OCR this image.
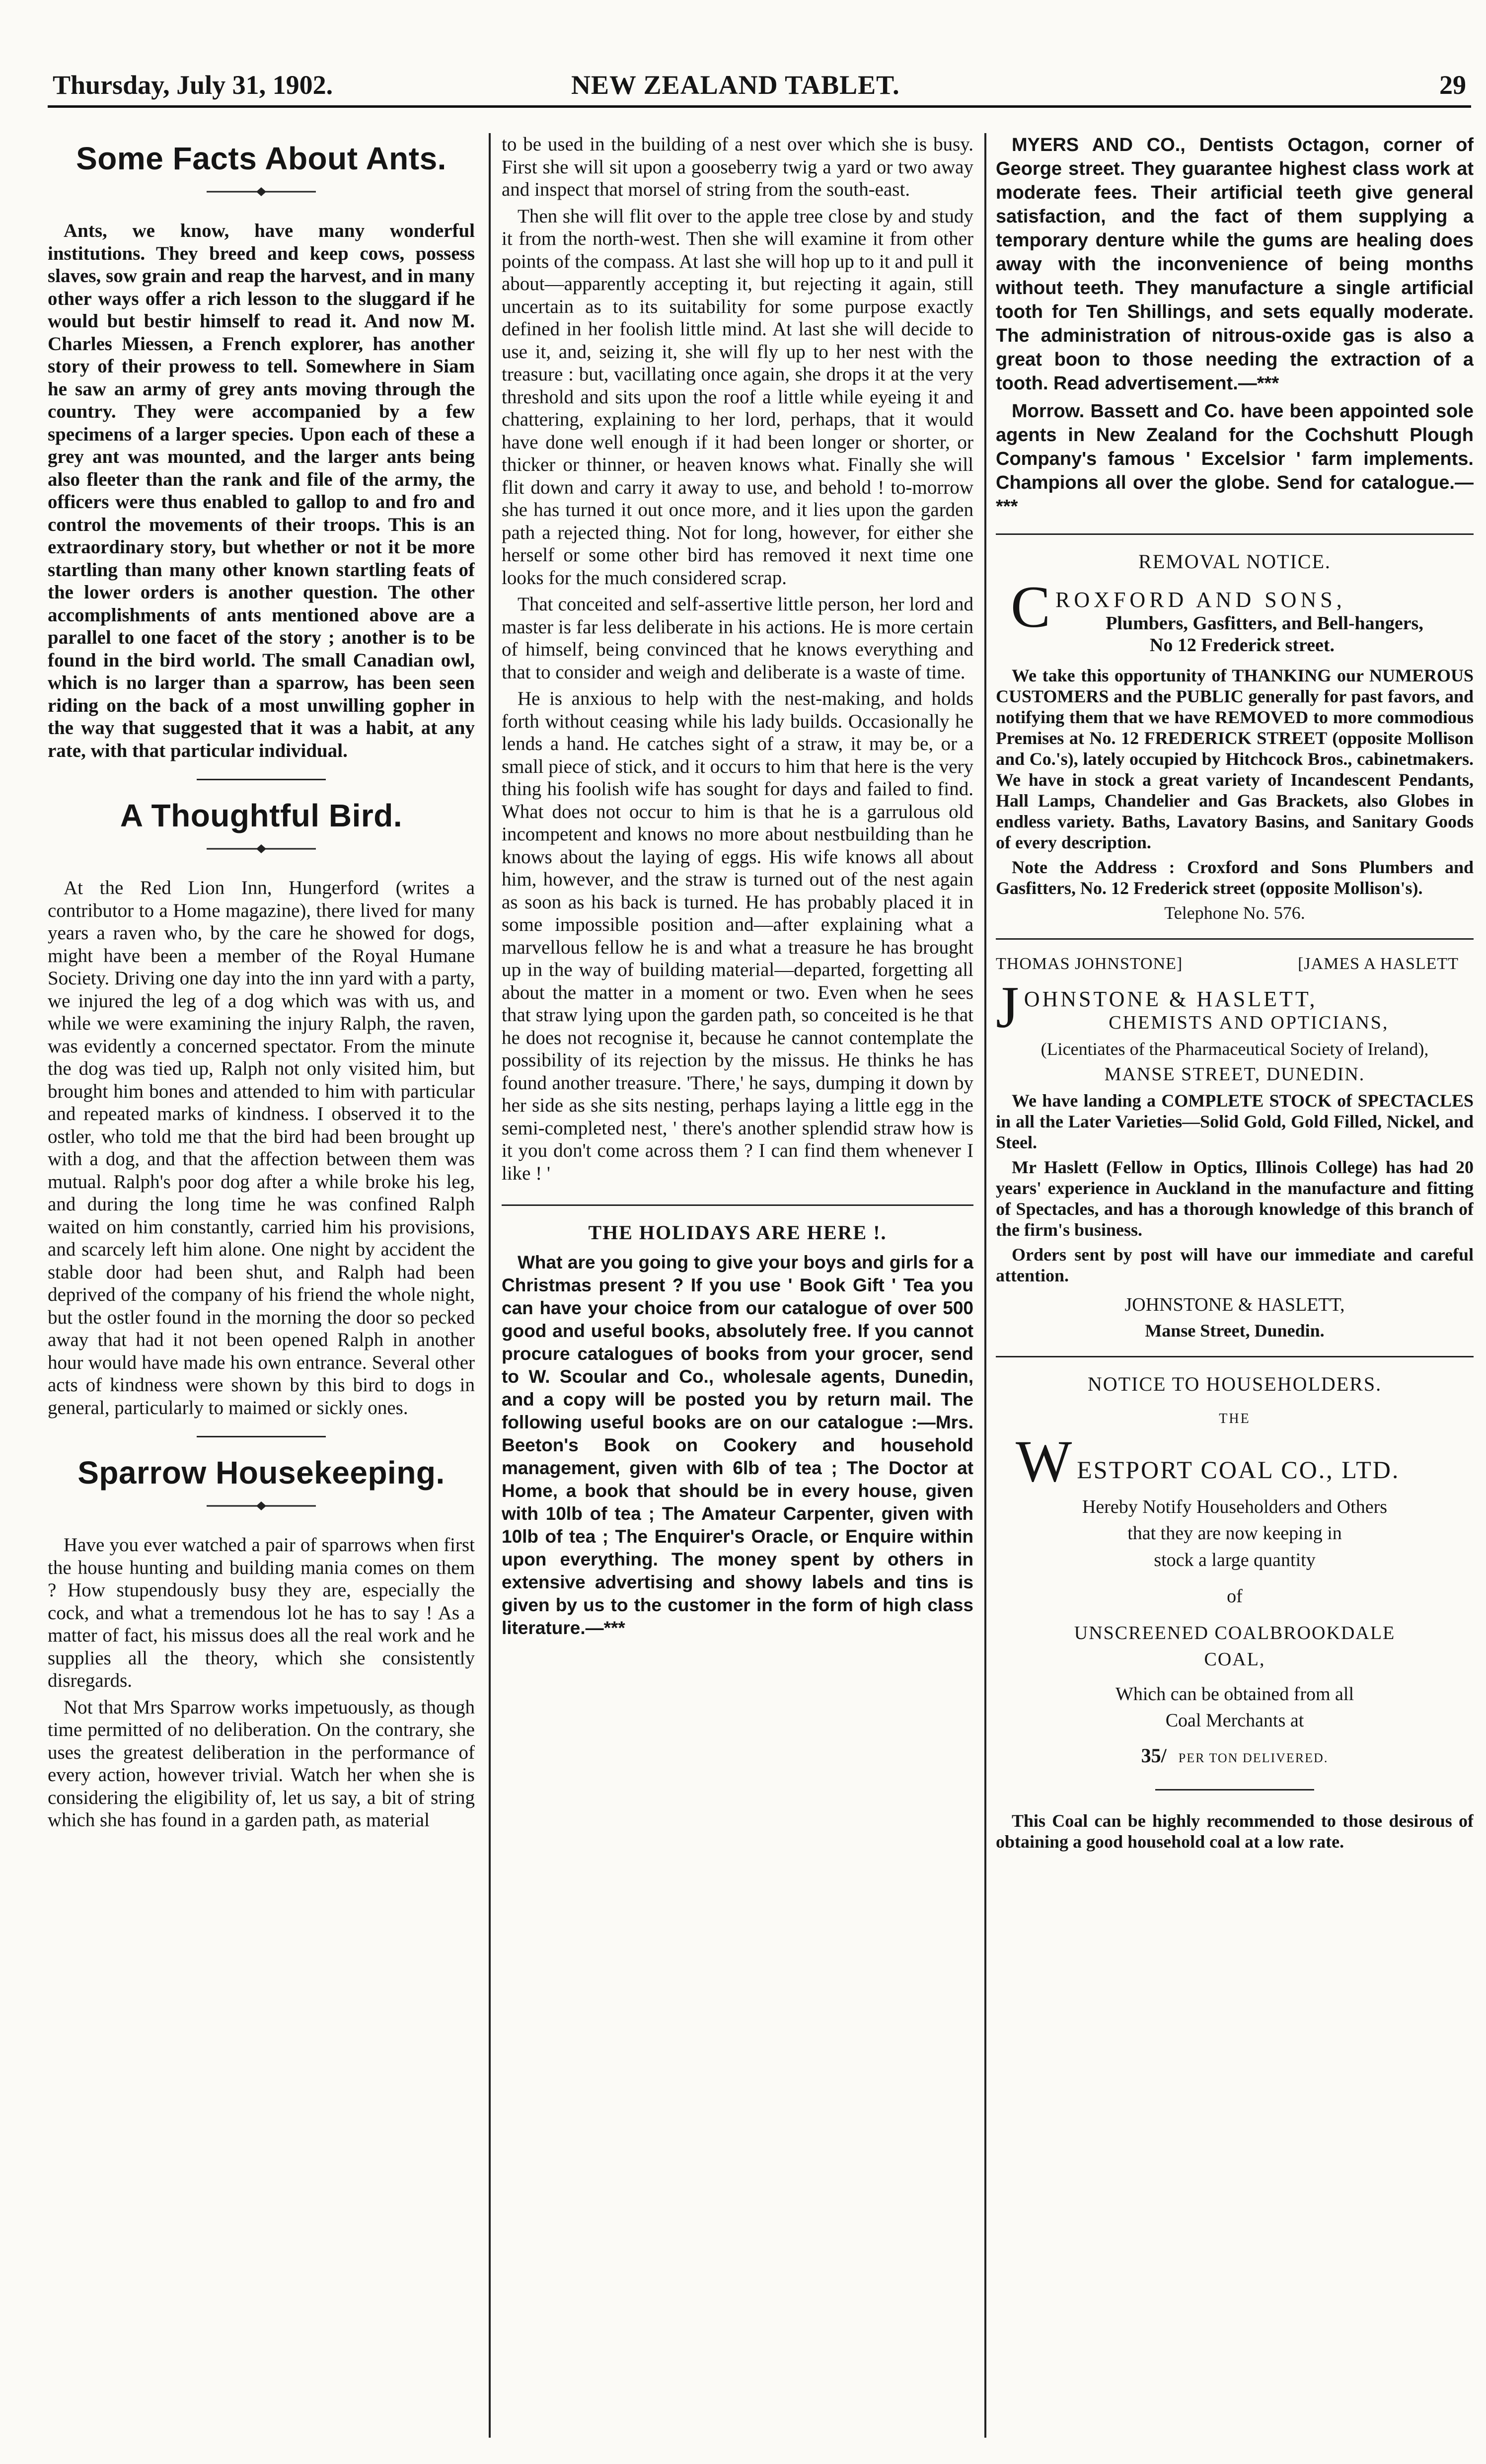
Thursday, July 31, 1902.	NEW ZEALAND TABLET.	29
Some Facts About Ants.

Ants, we know, have many wonderful institutions. They breed and keep cows, possess slaves, sow grain and reap the harvest, and in many other ways offer a rich lesson to the sluggard if he would but bestir himself to read it. And now M. Charles Miessen, a French explorer, has another story of their prowess to tell. Somewhere in Siam he saw an army of grey ants moving through the country. They were accompanied by a few specimens of a larger species. Upon each of these a grey ant was mounted, and the larger ants being also fleeter than the rank and file of the army, the officers were thus enabled to gallop to and fro and control the movements of their troops. This is an extraordinary story, but whether or not it be more startling than many other known startling feats of the lower orders is another question. The other accomplishments of ants mentioned above are a parallel to one facet of the story ; another is to be found in the bird world. The small Canadian owl, which is no larger than a sparrow, has been seen riding on the back of a most unwilling gopher in the way that suggested that it was a habit, at any rate, with that particular individual.

A Thoughtful Bird.

At the Red Lion Inn, Hungerford (writes a contributor to a Home magazine), there lived for many years a raven who, by the care he showed for dogs, might have been a member of the Royal Humane Society. Driving one day into the inn yard with a party, we injured the leg of a dog which was with us, and while we were examining the injury Ralph, the raven, was evidently a concerned spectator. From the minute the dog was tied up, Ralph not only visited him, but brought him bones and attended to him with particular and repeated marks of kindness. I observed it to the ostler, who told me that the bird had been brought up with a dog, and that the affection between them was mutual. Ralph's poor dog after a while broke his leg, and during the long time he was confined Ralph waited on him constantly, carried him his provisions, and scarcely left him alone. One night by accident the stable door had been shut, and Ralph had been deprived of the company of his friend the whole night, but the ostler found in the morning the door so pecked away that had it not been opened Ralph in another hour would have made his own entrance. Several other acts of kindness were shown by this bird to dogs in general, particularly to maimed or sickly ones.

Sparrow Housekeeping.

Have you ever watched a pair of sparrows when first the house hunting and building mania comes on them ? How stupendously busy they are, especially the cock, and what a tremendous lot he has to say ! As a matter of fact, his missus does all the real work and he supplies all the theory, which she consistently disregards.

Not that Mrs Sparrow works impetuously, as though time permitted of no deliberation. On the contrary, she uses the greatest deliberation in the performance of every action, however trivial. Watch her when she is considering the eligibility of, let us say, a bit of string which she has found in a garden path, as material

to be used in the building of a nest over which she is busy. First she will sit upon a gooseberry twig a yard or two away and inspect that morsel of string from the south-east.

Then she will flit over to the apple tree close by and study it from the north-west. Then she will examine it from other points of the compass. At last she will hop up to it and pull it about—apparently accepting it, but rejecting it again, still uncertain as to its suitability for some purpose exactly defined in her foolish little mind. At last she will decide to use it, and, seizing it, she will fly up to her nest with the treasure : but, vacillating once again, she drops it at the very threshold and sits upon the roof a little while eyeing it and chattering, explaining to her lord, perhaps, that it would have done well enough if it had been longer or shorter, or thicker or thinner, or heaven knows what. Finally she will flit down and carry it away to use, and behold ! to-morrow she has turned it out once more, and it lies upon the garden path a rejected thing. Not for long, however, for either she herself or some other bird has removed it next time one looks for the much considered scrap.

That conceited and self-assertive little person, her lord and master is far less deliberate in his actions. He is more certain of himself, being convinced that he knows everything and that to consider and weigh and deliberate is a waste of time.

He is anxious to help with the nest-making, and holds forth without ceasing while his lady builds. Occasionally he lends a hand. He catches sight of a straw, it may be, or a small piece of stick, and it occurs to him that here is the very thing his foolish wife has sought for days and failed to find. What does not occur to him is that he is a garrulous old incompetent and knows no more about nestbuilding than he knows about the laying of eggs. His wife knows all about him, however, and the straw is turned out of the nest again as soon as his back is turned. He has probably placed it in some impossible position and—after explaining what a marvellous fellow he is and what a treasure he has brought up in the way of building material—departed, forgetting all about the matter in a moment or two. Even when he sees that straw lying upon the garden path, so conceited is he that he does not recognise it, because he cannot contemplate the possibility of its rejection by the missus. He thinks he has found another treasure. 'There,' he says, dumping it down by her side as she sits nesting, perhaps laying a little egg in the semi-completed nest, ' there's another splendid straw how is it you don't come across them ? I can find them whenever I like ! '

THE HOLIDAYS ARE HERE !.

What are you going to give your boys and girls for a Christmas present ? If you use ' Book Gift ' Tea you can have your choice from our catalogue of over 500 good and useful books, absolutely free. If you cannot procure catalogues of books from your grocer, send to W. Scoular and Co., wholesale agents, Dunedin, and a copy will be posted you by return mail. The following useful books are on our catalogue :—Mrs. Beeton's Book on Cookery and household management, given with 6lb of tea ; The Doctor at Home, a book that should be in every house, given with 10lb of tea ; The Amateur Carpenter, given with 10lb of tea ; The Enquirer's Oracle, or Enquire within upon everything. The money spent by others in extensive advertising and showy labels and tins is given by us to the customer in the form of high class literature.—***

MYERS AND CO., Dentists Octagon, corner of George street. They guarantee highest class work at moderate fees. Their artificial teeth give general satisfaction, and the fact of them supplying a temporary denture while the gums are healing does away with the inconvenience of being months without teeth. They manufacture a single artificial tooth for Ten Shillings, and sets equally moderate. The administration of nitrous-oxide gas is also a great boon to those needing the extraction of a tooth. Read advertisement.—***

Morrow. Bassett and Co. have been appointed sole agents in New Zealand for the Cochshutt Plough Company's famous ' Excelsior ' farm implements. Champions all over the globe. Send for catalogue.—***

REMOVAL NOTICE.
C ROXFORD AND SONS,
Plumbers, Gasfitters, and Bell-hangers,
No 12 Frederick street.

We take this opportunity of THANKING our NUMEROUS CUSTOMERS and the PUBLIC generally for past favors, and notifying them that we have REMOVED to more commodious Premises at No. 12 FREDERICK STREET (opposite Mollison and Co.'s), lately occupied by Hitchcock Bros., cabinetmakers. We have in stock a great variety of Incandescent Pendants, Hall Lamps, Chandelier and Gas Brackets, also Globes in endless variety. Baths, Lavatory Basins, and Sanitary Goods of every description.

Note the Address : Croxford and Sons Plumbers and Gasfitters, No. 12 Frederick street (opposite Mollison's).

Telephone No. 576.

THOMAS JOHNSTONE]	[JAMES A HASLETT
J OHNSTONE & HASLETT,
CHEMISTS AND OPTICIANS,

(Licentiates of the Pharmaceutical Society of Ireland),

MANSE STREET, DUNEDIN.

We have landing a COMPLETE STOCK of SPECTACLES in all the Later Varieties—Solid Gold, Gold Filled, Nickel, and Steel.

Mr Haslett (Fellow in Optics, Illinois College) has had 20 years' experience in Auckland in the manufacture and fitting of Spectacles, and has a thorough knowledge of this branch of the firm's business.

Orders sent by post will have our immediate and careful attention.

JOHNSTONE & HASLETT,

Manse Street, Dunedin.

NOTICE TO HOUSEHOLDERS.

THE

W ESTPORT COAL CO., LTD.

Hereby Notify Householders and Others

that they are now keeping in

stock a large quantity

of

UNSCREENED COALBROOKDALE

COAL,

Which can be obtained from all

Coal Merchants at

35/ PER TON DELIVERED.

This Coal can be highly recommended to those desirous of obtaining a good household coal at a low rate.
